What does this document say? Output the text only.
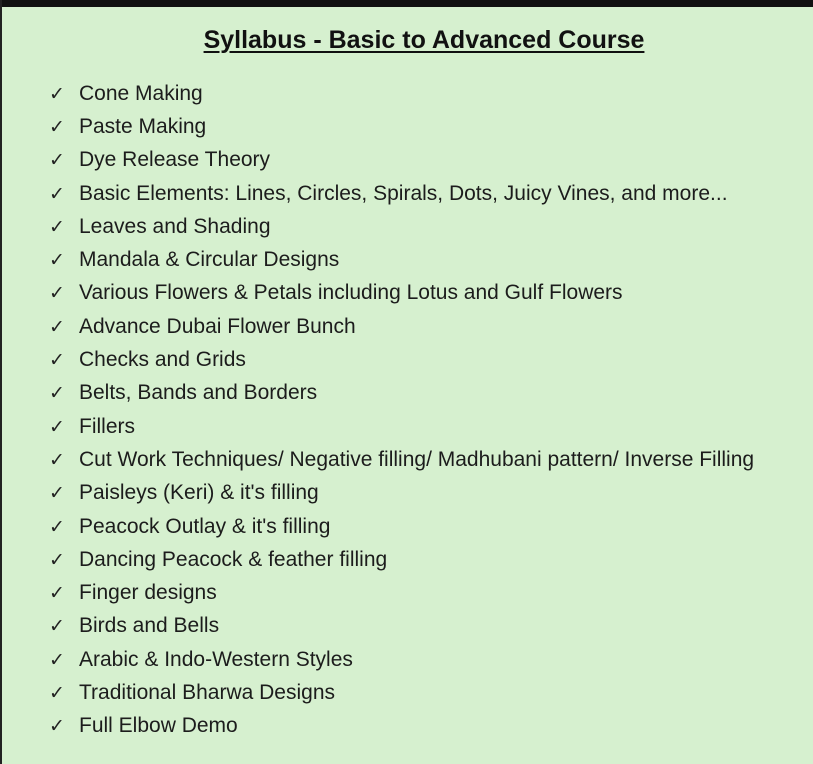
Syllabus - Basic to Advanced Course
✓ Cone Making
✓ Paste Making
✓ Dye Release Theory
✓ Basic Elements: Lines, Circles, Spirals, Dots, Juicy Vines, and more...
✓ Leaves and Shading
✓ Mandala & Circular Designs
✓ Various Flowers & Petals including Lotus and Gulf Flowers
✓ Advance Dubai Flower Bunch
✓ Checks and Grids
✓ Belts, Bands and Borders
✓ Fillers
✓ Cut Work Techniques/ Negative filling/ Madhubani pattern/ Inverse Filling
✓ Paisleys (Keri) & it's filling
✓ Peacock Outlay & it's filling
✓ Dancing Peacock & feather filling
✓ Finger designs
✓ Birds and Bells
✓ Arabic & Indo-Western Styles
✓ Traditional Bharwa Designs
✓ Full Elbow Demo
